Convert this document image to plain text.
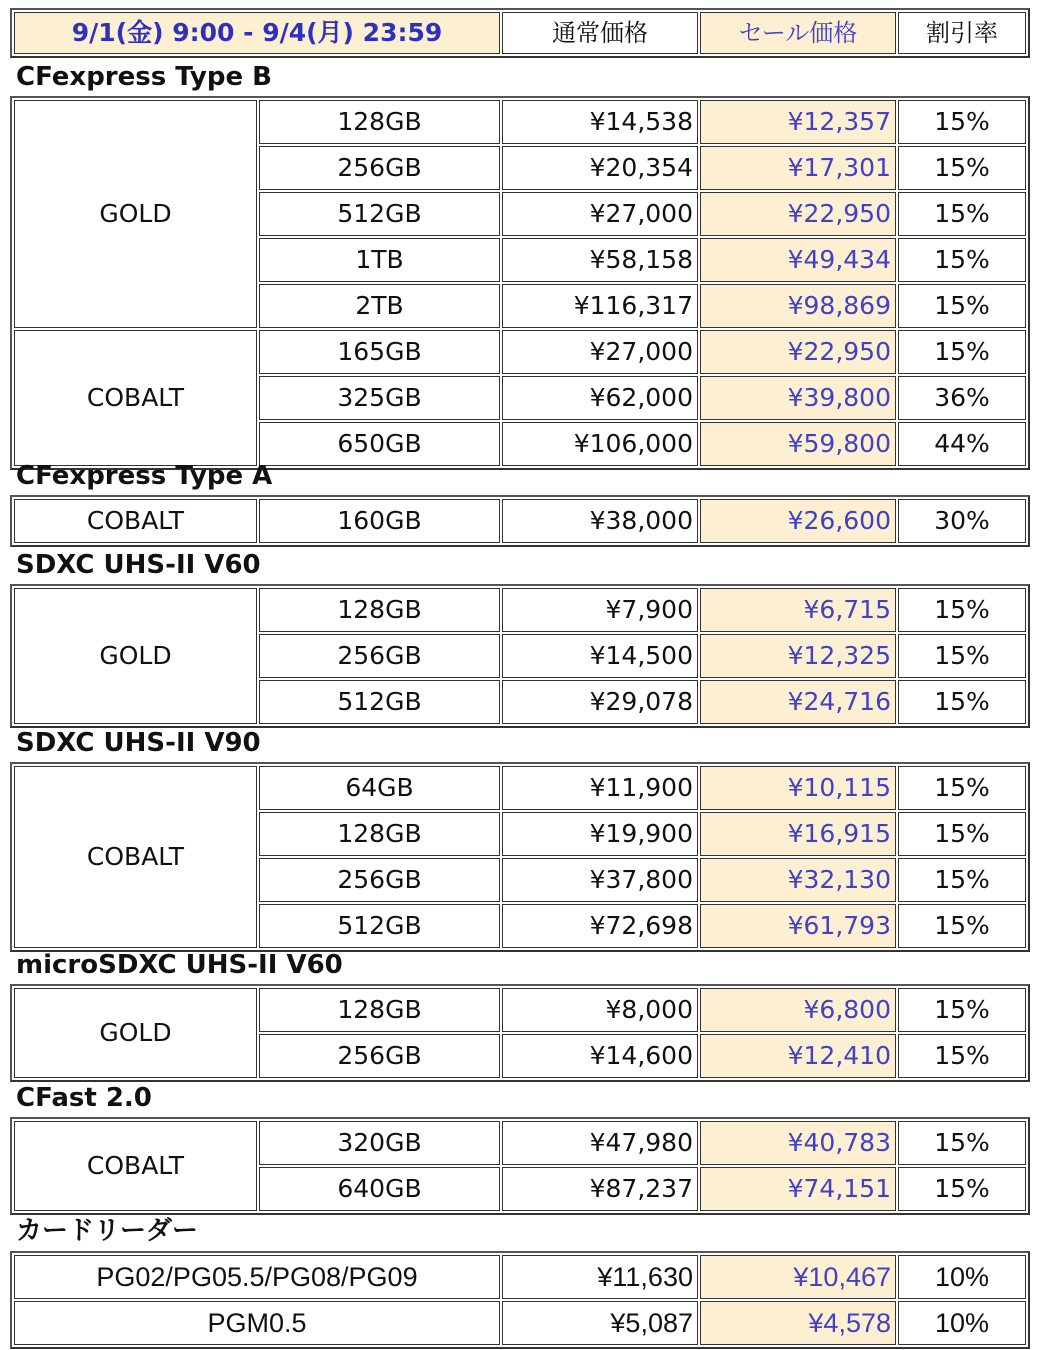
9/1(金) 9:00 - 9/4(月) 23:59	通常価格	セール価格	割引率
CFexpress Type B
GOLD	128GB	¥14,538	¥12,357	15%
	256GB	¥20,354	¥17,301	15%
	512GB	¥27,000	¥22,950	15%
	1TB	¥58,158	¥49,434	15%
	2TB	¥116,317	¥98,869	15%
COBALT	165GB	¥27,000	¥22,950	15%
	325GB	¥62,000	¥39,800	36%
	650GB	¥106,000	¥59,800	44%
CFexpress Type A
COBALT	160GB	¥38,000	¥26,600	30%
SDXC UHS-II V60
GOLD	128GB	¥7,900	¥6,715	15%
	256GB	¥14,500	¥12,325	15%
	512GB	¥29,078	¥24,716	15%
SDXC UHS-II V90
COBALT	64GB	¥11,900	¥10,115	15%
	128GB	¥19,900	¥16,915	15%
	256GB	¥37,800	¥32,130	15%
	512GB	¥72,698	¥61,793	15%
microSDXC UHS-II V60
GOLD	128GB	¥8,000	¥6,800	15%
	256GB	¥14,600	¥12,410	15%
CFast 2.0
COBALT	320GB	¥47,980	¥40,783	15%
	640GB	¥87,237	¥74,151	15%
カードリーダー
PG02/PG05.5/PG08/PG09	¥11,630	¥10,467	10%
PGM0.5	¥5,087	¥4,578	10%
